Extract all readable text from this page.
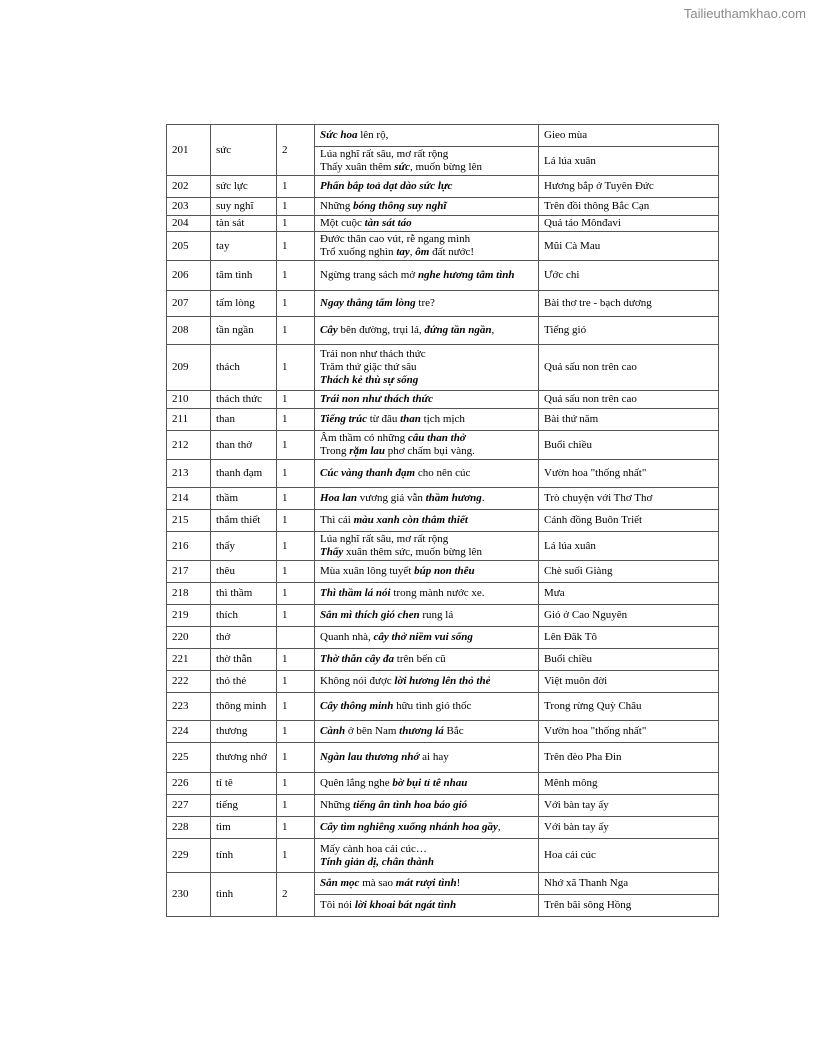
Tailieuthamkhao.com
201	sức	2	Sức hoa lên rộ,	Gieo mùa

			Lúa nghĩ rất sâu, mơ rất rộng
Thấy xuân thêm sức, muốn bừng lên	Lá lúa xuân
202	sức lực	1	Phấn bắp toả dạt dào sức lực	Hương bắp ở Tuyên Đức
203	suy nghĩ	1	Những bóng thông suy nghĩ	Trên đồi thông Bắc Cạn
204	tàn sát	1	Một cuộc tàn sát táo	Quả táo Mônđavi
205	tay	1	Đước thân cao vút, rễ ngang mình
Trổ xuống nghìn tay, ôm đất nước!	Mũi Cà Mau
206	tâm tình	1	Ngừng trang sách mở nghe hương tâm tình	Ước chi
207	tấm lòng	1	Ngay thẳng tấm lòng tre?	Bài thơ tre - bạch dương
208	tần ngần	1	Cây bên đường, trụi lá, đứng tần ngần,	Tiếng gió
209	thách	1	Trái non như thách thức
Trăm thứ giặc thứ sâu
Thách kẻ thù sự sống	Quả sấu non trên cao
210	thách thức	1	Trái non như thách thức	Quả sấu non trên cao
211	than	1	Tiếng trúc từ đâu than tịch mịch	Bài thứ năm
212	than thở	1	Âm thầm có những câu than thở
Trong rặm lau phơ chấm bụi vàng.	Buổi chiều
213	thanh đạm	1	Cúc vàng thanh đạm cho nên cúc	Vườn hoa "thống nhất"
214	thầm	1	Hoa lan vương giả vẫn thầm hương.	Trò chuyện với Thơ Thơ
215	thắm thiết	1	Thì cái màu xanh còn thắm thiết	Cánh đồng Buôn Triết
216	thấy	1	Lúa nghĩ rất sâu, mơ rất rộng
Thấy xuân thêm sức, muốn bừng lên	Lá lúa xuân
217	thêu	1	Mùa xuân lông tuyết búp non thêu	Chè suối Giàng
218	thì thầm	1	Thì thầm lá nói trong mành nước xe.	Mưa
219	thích	1	Sắn mì thích gió chen rung lá	Gió ở Cao Nguyên
220	thở		Quanh nhà, cây thở niềm vui sống	Lên Đăk Tô
221	thờ thẫn	1	Thờ thẫn cây đa trên bến cũ	Buổi chiều
222	thỏ thẻ	1	Không nói được lời hương lên thỏ thẻ	Việt muôn đời
223	thông minh	1	Cây thông minh hữu tình gió thốc	Trong rừng Quỳ Châu
224	thương	1	Cành ở bên Nam thương lá Bắc	Vườn hoa "thống nhất"
225	thương nhớ	1	Ngàn lau thương nhớ ai hay	Trên đèo Pha Đin
226	tỉ tê	1	Quên lắng nghe bờ bụi tỉ tê nhau	Mênh mông
227	tiếng	1	Những tiếng ân tình hoa báo gió	Với bàn tay ấy
228	tìm	1	Cây tìm nghiêng xuống nhánh hoa gầy,	Với bàn tay ấy
229	tính	1	Mấy cành hoa cải cúc…
Tính giản dị, chân thành	Hoa cải cúc
230	tình	2	Sắn mọc mà sao mát rượi tình!	Nhớ xã Thanh Nga

			Tôi nói lời khoai bát ngát tình	Trên bãi sông Hồng
